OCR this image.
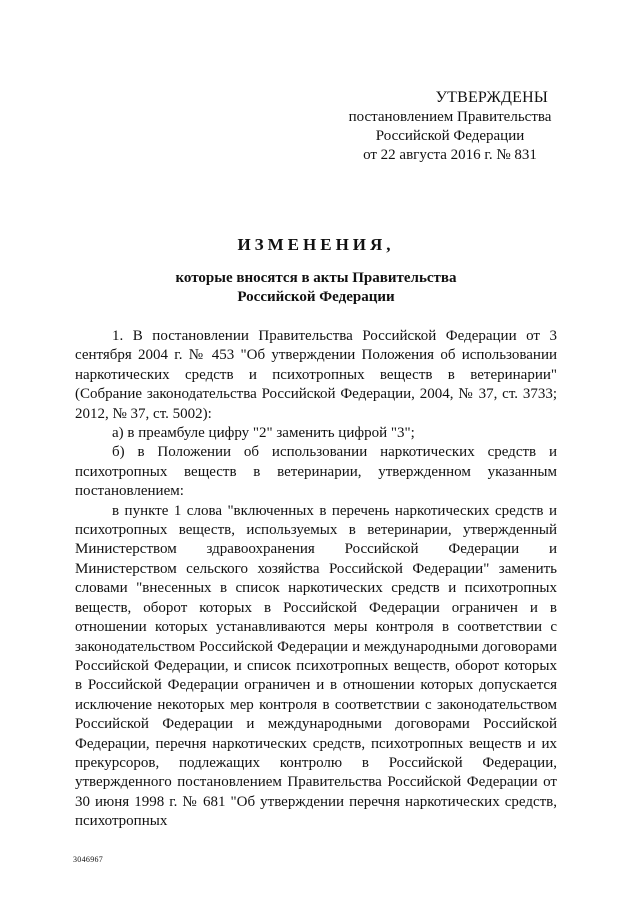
УТВЕРЖДЕНЫ
постановлением Правительства
Российской Федерации
от 22 августа 2016 г. № 831
ИЗМЕНЕНИЯ,
которые вносятся в акты Правительства
Российской Федерации

1. В постановлении Правительства Российской Федерации от 3 сентября 2004 г. № 453 "Об утверждении Положения об использовании наркотических средств и психотропных веществ в ветеринарии" (Собрание законодательства Российской Федерации, 2004, № 37, ст. 3733; 2012, № 37, ст. 5002):

а) в преамбуле цифру "2" заменить цифрой "3";

б) в Положении об использовании наркотических средств и психотропных веществ в ветеринарии, утвержденном указанным постановлением:

в пункте 1 слова "включенных в перечень наркотических средств и психотропных веществ, используемых в ветеринарии, утвержденный Министерством здравоохранения Российской Федерации и Министерством сельского хозяйства Российской Федерации" заменить словами "внесенных в список наркотических средств и психотропных веществ, оборот которых в Российской Федерации ограничен и в отношении которых устанавливаются меры контроля в соответствии с законодательством Российской Федерации и международными договорами Российской Федерации, и список психотропных веществ, оборот которых в Российской Федерации ограничен и в отношении которых допускается исключение некоторых мер контроля в соответствии с законодательством Российской Федерации и международными договорами Российской Федерации, перечня наркотических средств, психотропных веществ и их прекурсоров, подлежащих контролю в Российской Федерации, утвержденного постановлением Правительства Российской Федерации от 30 июня 1998 г. № 681 "Об утверждении перечня наркотических средств, психотропных

3046967
